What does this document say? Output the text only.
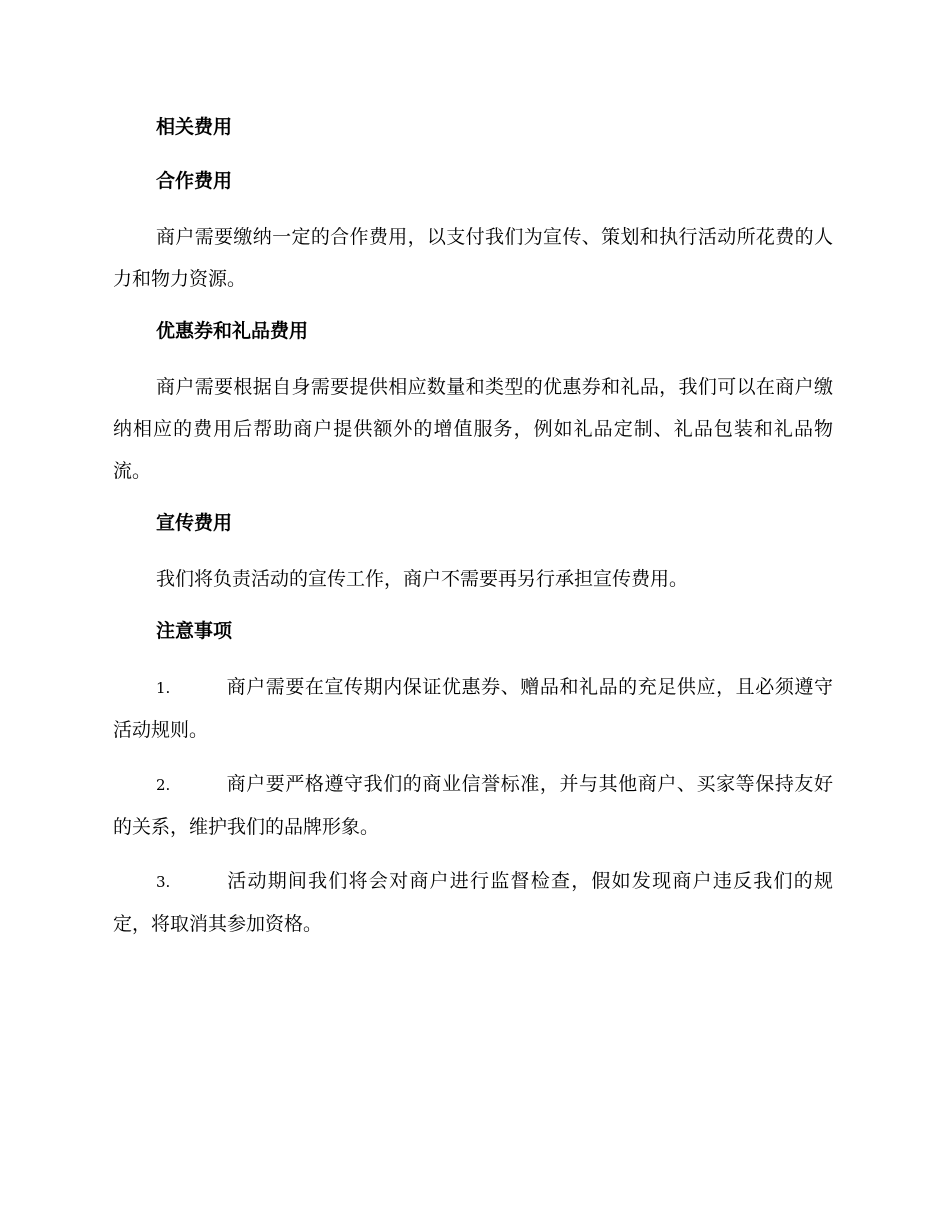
相关费用
合作费用
商户需要缴纳一定的合作费用，以支付我们为宣传、策划和执行活动所花费的人力和物力资源。
优惠券和礼品费用
商户需要根据自身需要提供相应数量和类型的优惠券和礼品，我们可以在商户缴纳相应的费用后帮助商户提供额外的增值服务，例如礼品定制、礼品包装和礼品物流。
宣传费用
我们将负责活动的宣传工作，商户不需要再另行承担宣传费用。
注意事项
1.	商户需要在宣传期内保证优惠券、赠品和礼品的充足供应，且必须遵守活动规则。
2.	商户要严格遵守我们的商业信誉标准，并与其他商户、买家等保持友好的关系，维护我们的品牌形象。
3.	活动期间我们将会对商户进行监督检查，假如发现商户违反我们的规定，将取消其参加资格。
